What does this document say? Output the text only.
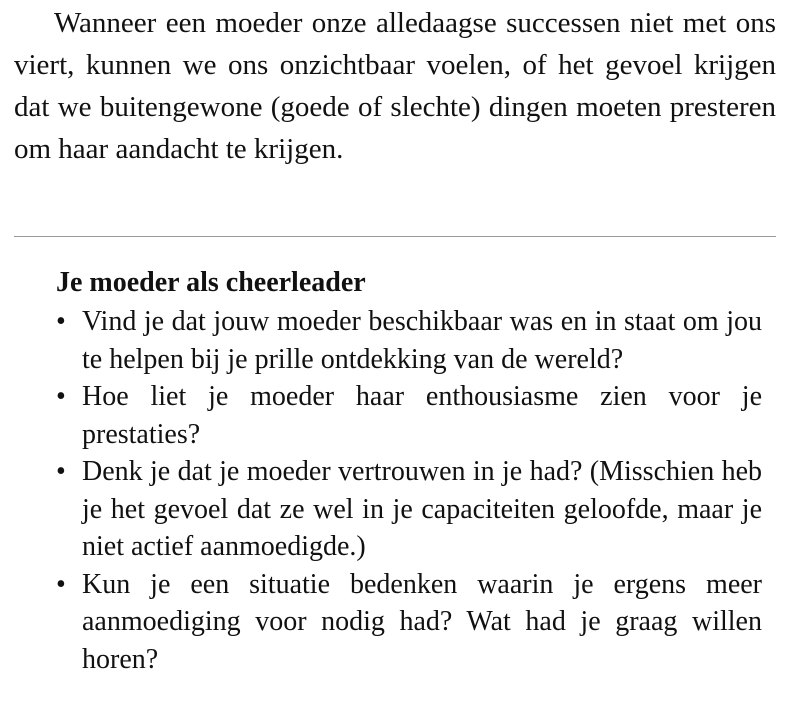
Wanneer een moeder onze alledaagse successen niet met ons viert, kunnen we ons onzichtbaar voelen, of het gevoel krijgen dat we buitengewone (goede of slechte) dingen moeten presteren om haar aandacht te krijgen.

Je moeder als cheerleader
• Vind je dat jouw moeder beschikbaar was en in staat om jou te helpen bij je prille ontdekking van de wereld?
• Hoe liet je moeder haar enthousiasme zien voor je prestaties?
• Denk je dat je moeder vertrouwen in je had? (Misschien heb je het gevoel dat ze wel in je capaciteiten geloofde, maar je niet actief aanmoedigde.)
• Kun je een situatie bedenken waarin je ergens meer aanmoediging voor nodig had? Wat had je graag willen horen?
